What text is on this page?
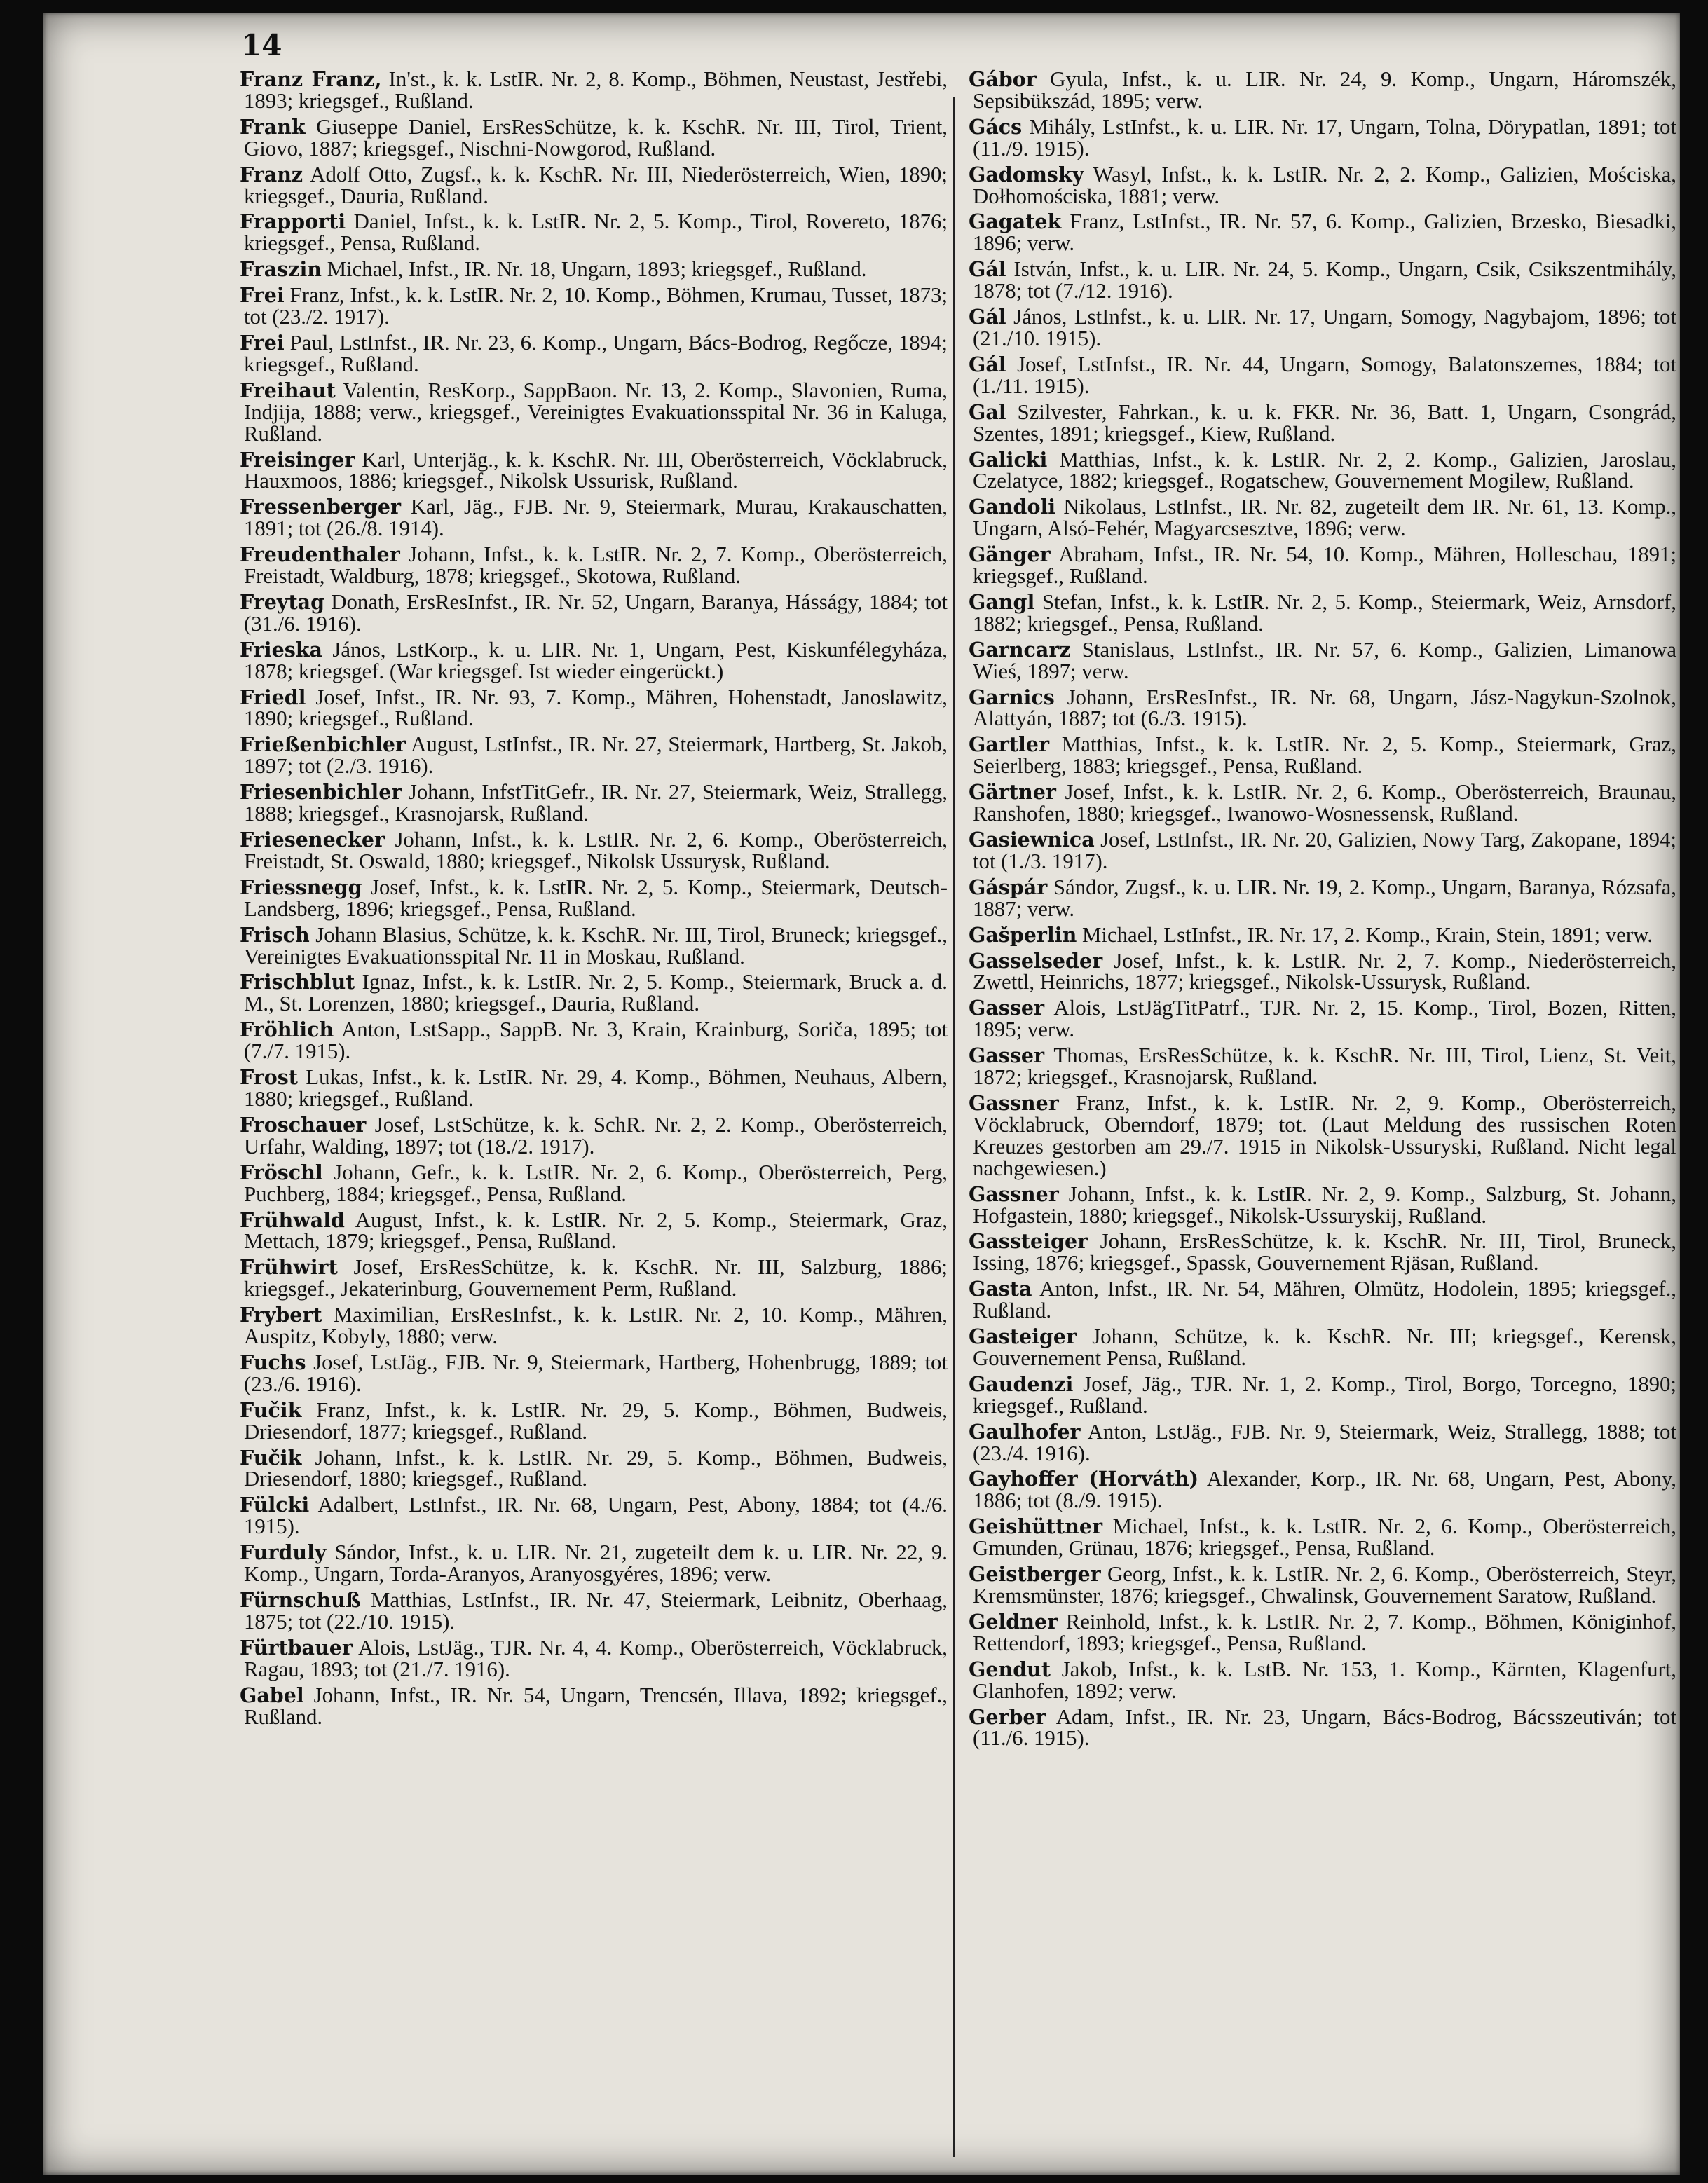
14

Franz Franz, In'st., k. k. LstIR. Nr. 2, 8. Komp., Böhmen, Neustast, Jestřebi, 1893; kriegsgef., Rußland.

Frank Giuseppe Daniel, ErsResSchütze, k. k. KschR. Nr. III, Tirol, Trient, Giovo, 1887; kriegsgef., Nischni-Nowgorod, Rußland.

Franz Adolf Otto, Zugsf., k. k. KschR. Nr. III, Niederösterreich, Wien, 1890; kriegsgef., Dauria, Rußland.

Frapporti Daniel, Infst., k. k. LstIR. Nr. 2, 5. Komp., Tirol, Rovereto, 1876; kriegsgef., Pensa, Rußland.

Fraszin Michael, Infst., IR. Nr. 18, Ungarn, 1893; kriegsgef., Rußland.

Frei Franz, Infst., k. k. LstIR. Nr. 2, 10. Komp., Böhmen, Krumau, Tusset, 1873; tot (23./2. 1917).

Frei Paul, LstInfst., IR. Nr. 23, 6. Komp., Ungarn, Bács-Bodrog, Regőcze, 1894; kriegsgef., Rußland.

Freihaut Valentin, ResKorp., SappBaon. Nr. 13, 2. Komp., Slavonien, Ruma, Indjija, 1888; verw., kriegsgef., Vereinigtes Evakuationsspital Nr. 36 in Kaluga, Rußland.

Freisinger Karl, Unterjäg., k. k. KschR. Nr. III, Oberösterreich, Vöcklabruck, Hauxmoos, 1886; kriegsgef., Nikolsk Ussurisk, Rußland.

Fressenberger Karl, Jäg., FJB. Nr. 9, Steiermark, Murau, Krakauschatten, 1891; tot (26./8. 1914).

Freudenthaler Johann, Infst., k. k. LstIR. Nr. 2, 7. Komp., Oberösterreich, Freistadt, Waldburg, 1878; kriegsgef., Skotowa, Rußland.

Freytag Donath, ErsResInfst., IR. Nr. 52, Ungarn, Baranya, Hásságy, 1884; tot (31./6. 1916).

Frieska János, LstKorp., k. u. LIR. Nr. 1, Ungarn, Pest, Kiskunfélegyháza, 1878; kriegsgef. (War kriegsgef. Ist wieder eingerückt.)

Friedl Josef, Infst., IR. Nr. 93, 7. Komp., Mähren, Hohenstadt, Janoslawitz, 1890; kriegsgef., Rußland.

Frießenbichler August, LstInfst., IR. Nr. 27, Steiermark, Hartberg, St. Jakob, 1897; tot (2./3. 1916).

Friesenbichler Johann, InfstTitGefr., IR. Nr. 27, Steiermark, Weiz, Strallegg, 1888; kriegsgef., Krasnojarsk, Rußland.

Friesenecker Johann, Infst., k. k. LstIR. Nr. 2, 6. Komp., Oberösterreich, Freistadt, St. Oswald, 1880; kriegsgef., Nikolsk Ussurysk, Rußland.

Friessnegg Josef, Infst., k. k. LstIR. Nr. 2, 5. Komp., Steiermark, Deutsch-Landsberg, 1896; kriegsgef., Pensa, Rußland.

Frisch Johann Blasius, Schütze, k. k. KschR. Nr. III, Tirol, Bruneck; kriegsgef., Vereinigtes Evakuationsspital Nr. 11 in Moskau, Rußland.

Frischblut Ignaz, Infst., k. k. LstIR. Nr. 2, 5. Komp., Steiermark, Bruck a. d. M., St. Lorenzen, 1880; kriegsgef., Dauria, Rußland.

Fröhlich Anton, LstSapp., SappB. Nr. 3, Krain, Krainburg, Soriča, 1895; tot (7./7. 1915).

Frost Lukas, Infst., k. k. LstIR. Nr. 29, 4. Komp., Böhmen, Neuhaus, Albern, 1880; kriegsgef., Rußland.

Froschauer Josef, LstSchütze, k. k. SchR. Nr. 2, 2. Komp., Oberösterreich, Urfahr, Walding, 1897; tot (18./2. 1917).

Fröschl Johann, Gefr., k. k. LstIR. Nr. 2, 6. Komp., Oberösterreich, Perg, Puchberg, 1884; kriegsgef., Pensa, Rußland.

Frühwald August, Infst., k. k. LstIR. Nr. 2, 5. Komp., Steiermark, Graz, Mettach, 1879; kriegsgef., Pensa, Rußland.

Frühwirt Josef, ErsResSchütze, k. k. KschR. Nr. III, Salzburg, 1886; kriegsgef., Jekaterinburg, Gouvernement Perm, Rußland.

Frybert Maximilian, ErsResInfst., k. k. LstIR. Nr. 2, 10. Komp., Mähren, Auspitz, Kobyly, 1880; verw.

Fuchs Josef, LstJäg., FJB. Nr. 9, Steiermark, Hartberg, Hohenbrugg, 1889; tot (23./6. 1916).

Fučik Franz, Infst., k. k. LstIR. Nr. 29, 5. Komp., Böhmen, Budweis, Driesendorf, 1877; kriegsgef., Rußland.

Fučik Johann, Infst., k. k. LstIR. Nr. 29, 5. Komp., Böhmen, Budweis, Driesendorf, 1880; kriegsgef., Rußland.

Fülcki Adalbert, LstInfst., IR. Nr. 68, Ungarn, Pest, Abony, 1884; tot (4./6. 1915).

Furduly Sándor, Infst., k. u. LIR. Nr. 21, zugeteilt dem k. u. LIR. Nr. 22, 9. Komp., Ungarn, Torda-Aranyos, Aranyosgyéres, 1896; verw.

Fürnschuß Matthias, LstInfst., IR. Nr. 47, Steiermark, Leibnitz, Oberhaag, 1875; tot (22./10. 1915).

Fürtbauer Alois, LstJäg., TJR. Nr. 4, 4. Komp., Oberösterreich, Vöcklabruck, Ragau, 1893; tot (21./7. 1916).

Gabel Johann, Infst., IR. Nr. 54, Ungarn, Trencsén, Illava, 1892; kriegsgef., Rußland.

Gábor Gyula, Infst., k. u. LIR. Nr. 24, 9. Komp., Ungarn, Háromszék, Sepsibükszád, 1895; verw.

Gács Mihály, LstInfst., k. u. LIR. Nr. 17, Ungarn, Tolna, Dörypatlan, 1891; tot (11./9. 1915).

Gadomsky Wasyl, Infst., k. k. LstIR. Nr. 2, 2. Komp., Galizien, Mościska, Dołhomościska, 1881; verw.

Gagatek Franz, LstInfst., IR. Nr. 57, 6. Komp., Galizien, Brzesko, Biesadki, 1896; verw.

Gál István, Infst., k. u. LIR. Nr. 24, 5. Komp., Ungarn, Csik, Csikszentmihály, 1878; tot (7./12. 1916).

Gál János, LstInfst., k. u. LIR. Nr. 17, Ungarn, Somogy, Nagybajom, 1896; tot (21./10. 1915).

Gál Josef, LstInfst., IR. Nr. 44, Ungarn, Somogy, Balatonszemes, 1884; tot (1./11. 1915).

Gal Szilvester, Fahrkan., k. u. k. FKR. Nr. 36, Batt. 1, Ungarn, Csongrád, Szentes, 1891; kriegsgef., Kiew, Rußland.

Galicki Matthias, Infst., k. k. LstIR. Nr. 2, 2. Komp., Galizien, Jaroslau, Czelatyce, 1882; kriegsgef., Rogatschew, Gouvernement Mogilew, Rußland.

Gandoli Nikolaus, LstInfst., IR. Nr. 82, zugeteilt dem IR. Nr. 61, 13. Komp., Ungarn, Alsó-Fehér, Magyarcsesztve, 1896; verw.

Gänger Abraham, Infst., IR. Nr. 54, 10. Komp., Mähren, Holleschau, 1891; kriegsgef., Rußland.

Gangl Stefan, Infst., k. k. LstIR. Nr. 2, 5. Komp., Steiermark, Weiz, Arnsdorf, 1882; kriegsgef., Pensa, Rußland.

Garncarz Stanislaus, LstInfst., IR. Nr. 57, 6. Komp., Galizien, Limanowa Wieś, 1897; verw.

Garnics Johann, ErsResInfst., IR. Nr. 68, Ungarn, Jász-Nagykun-Szolnok, Alattyán, 1887; tot (6./3. 1915).

Gartler Matthias, Infst., k. k. LstIR. Nr. 2, 5. Komp., Steiermark, Graz, Seierlberg, 1883; kriegsgef., Pensa, Rußland.

Gärtner Josef, Infst., k. k. LstIR. Nr. 2, 6. Komp., Oberösterreich, Braunau, Ranshofen, 1880; kriegsgef., Iwanowo-Wosnessensk, Rußland.

Gasiewnica Josef, LstInfst., IR. Nr. 20, Galizien, Nowy Targ, Zakopane, 1894; tot (1./3. 1917).

Gáspár Sándor, Zugsf., k. u. LIR. Nr. 19, 2. Komp., Ungarn, Baranya, Rózsafa, 1887; verw.

Gašperlin Michael, LstInfst., IR. Nr. 17, 2. Komp., Krain, Stein, 1891; verw.

Gasselseder Josef, Infst., k. k. LstIR. Nr. 2, 7. Komp., Niederösterreich, Zwettl, Heinrichs, 1877; kriegsgef., Nikolsk-Ussurysk, Rußland.

Gasser Alois, LstJägTitPatrf., TJR. Nr. 2, 15. Komp., Tirol, Bozen, Ritten, 1895; verw.

Gasser Thomas, ErsResSchütze, k. k. KschR. Nr. III, Tirol, Lienz, St. Veit, 1872; kriegsgef., Krasnojarsk, Rußland.

Gassner Franz, Infst., k. k. LstIR. Nr. 2, 9. Komp., Oberösterreich, Vöcklabruck, Oberndorf, 1879; tot. (Laut Meldung des russischen Roten Kreuzes gestorben am 29./7. 1915 in Nikolsk-Ussuryski, Rußland. Nicht legal nachgewiesen.)

Gassner Johann, Infst., k. k. LstIR. Nr. 2, 9. Komp., Salzburg, St. Johann, Hofgastein, 1880; kriegsgef., Nikolsk-Ussuryskij, Rußland.

Gassteiger Johann, ErsResSchütze, k. k. KschR. Nr. III, Tirol, Bruneck, Issing, 1876; kriegsgef., Spassk, Gouvernement Rjäsan, Rußland.

Gasta Anton, Infst., IR. Nr. 54, Mähren, Olmütz, Hodolein, 1895; kriegsgef., Rußland.

Gasteiger Johann, Schütze, k. k. KschR. Nr. III; kriegsgef., Kerensk, Gouvernement Pensa, Rußland.

Gaudenzi Josef, Jäg., TJR. Nr. 1, 2. Komp., Tirol, Borgo, Torcegno, 1890; kriegsgef., Rußland.

Gaulhofer Anton, LstJäg., FJB. Nr. 9, Steiermark, Weiz, Strallegg, 1888; tot (23./4. 1916).

Gayhoffer (Horváth) Alexander, Korp., IR. Nr. 68, Ungarn, Pest, Abony, 1886; tot (8./9. 1915).

Geishüttner Michael, Infst., k. k. LstIR. Nr. 2, 6. Komp., Oberösterreich, Gmunden, Grünau, 1876; kriegsgef., Pensa, Rußland.

Geistberger Georg, Infst., k. k. LstIR. Nr. 2, 6. Komp., Oberösterreich, Steyr, Kremsmünster, 1876; kriegsgef., Chwalinsk, Gouvernement Saratow, Rußland.

Geldner Reinhold, Infst., k. k. LstIR. Nr. 2, 7. Komp., Böhmen, Königinhof, Rettendorf, 1893; kriegsgef., Pensa, Rußland.

Gendut Jakob, Infst., k. k. LstB. Nr. 153, 1. Komp., Kärnten, Klagenfurt, Glanhofen, 1892; verw.

Gerber Adam, Infst., IR. Nr. 23, Ungarn, Bács-Bodrog, Bácsszeutiván; tot (11./6. 1915).
